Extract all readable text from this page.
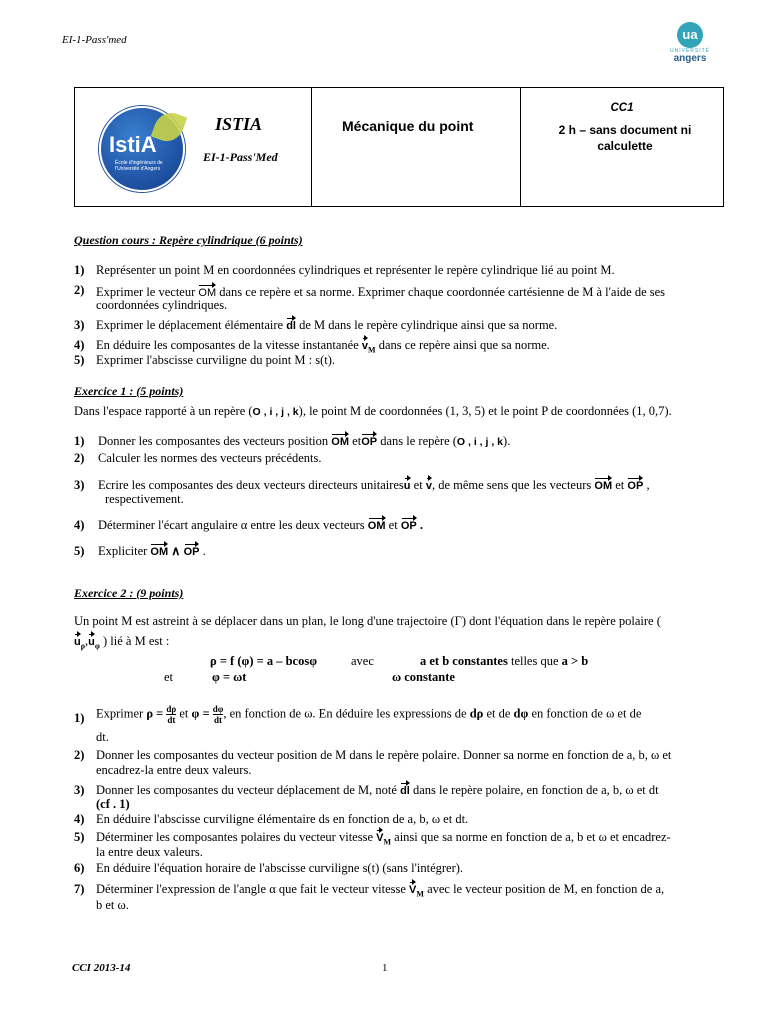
EI-1-Pass'med	ua
UNIVERSITÉ
angers
IstiA
École d'ingénieurs de l'Université d'Angers
ISTIA
EI-1-Pass'Med

Mécanique du point

CC1
2 h – sans document ni calculette
Question cours : Repère cylindrique (6 points)
1) Représenter un point M en coordonnées cylindriques et représenter le repère cylindrique lié au point M.
2) Exprimer le vecteur OM dans ce repère et sa norme. Exprimer chaque coordonnée cartésienne de M à l'aide de ses
coordonnées cylindriques.
3) Exprimer le déplacement élémentaire dl de M dans le repère cylindrique ainsi que sa norme.
4) En déduire les composantes de la vitesse instantanée $v_M$ dans ce repère ainsi que sa norme.
5) Exprimer l'abscisse curviligne du point M : s(t).
Exercice 1 : (5 points)
Dans l'espace rapporté à un repère (O , i , j , k), le point M de coordonnées (1, 3, 5) et le point P de coordonnées (1, 0,7).
1) Donner les composantes des vecteurs position OM etOP dans le repère (O , i , j , k).
2) Calculer les normes des vecteurs précédents.
3) Ecrire les composantes des deux vecteurs directeurs unitairesu et v, de même sens que les vecteurs OM et OP ,
respectivement.
4) Déterminer l'écart angulaire α entre les deux vecteurs OM et OP .
5) Expliciter OM ∧ OP .
Exercice 2 : (9 points)
Un point M est astreint à se déplacer dans un plan, le long d'une trajectoire (Γ) dont l'équation dans le repère polaire (
$u_\rho,u_\varphi$ ) lié à M est :
ρ = f (φ) = a – bcosφ	avec	a et b constantes telles que a > b
et	φ = ωt	ω constante
1) Exprimer $\rho = \frac{d\rho}{dt}$ et $\varphi = \frac{d\varphi}{dt}$ , en fonction de ω. En déduire les expressions de dρ et de dφ en fonction de ω et de
dt.
2) Donner les composantes du vecteur position de M dans le repère polaire. Donner sa norme en fonction de a, b, ω et
encadrez-la entre deux valeurs.
3) Donner les composantes du vecteur déplacement de M, noté dl dans le repère polaire, en fonction de a, b, ω et dt
(cf . 1)
4) En déduire l'abscisse curviligne élémentaire ds en fonction de a, b, ω et dt.
5) Déterminer les composantes polaires du vecteur vitesse $V_M$ ainsi que sa norme en fonction de a, b et ω et encadrez-
la entre deux valeurs.
6) En déduire l'équation horaire de l'abscisse curviligne s(t) (sans l'intégrer).
7) Déterminer l'expression de l'angle α que fait le vecteur vitesse $V_M$ avec le vecteur position de M, en fonction de a,
b et ω.
CCI 2013-14	1
